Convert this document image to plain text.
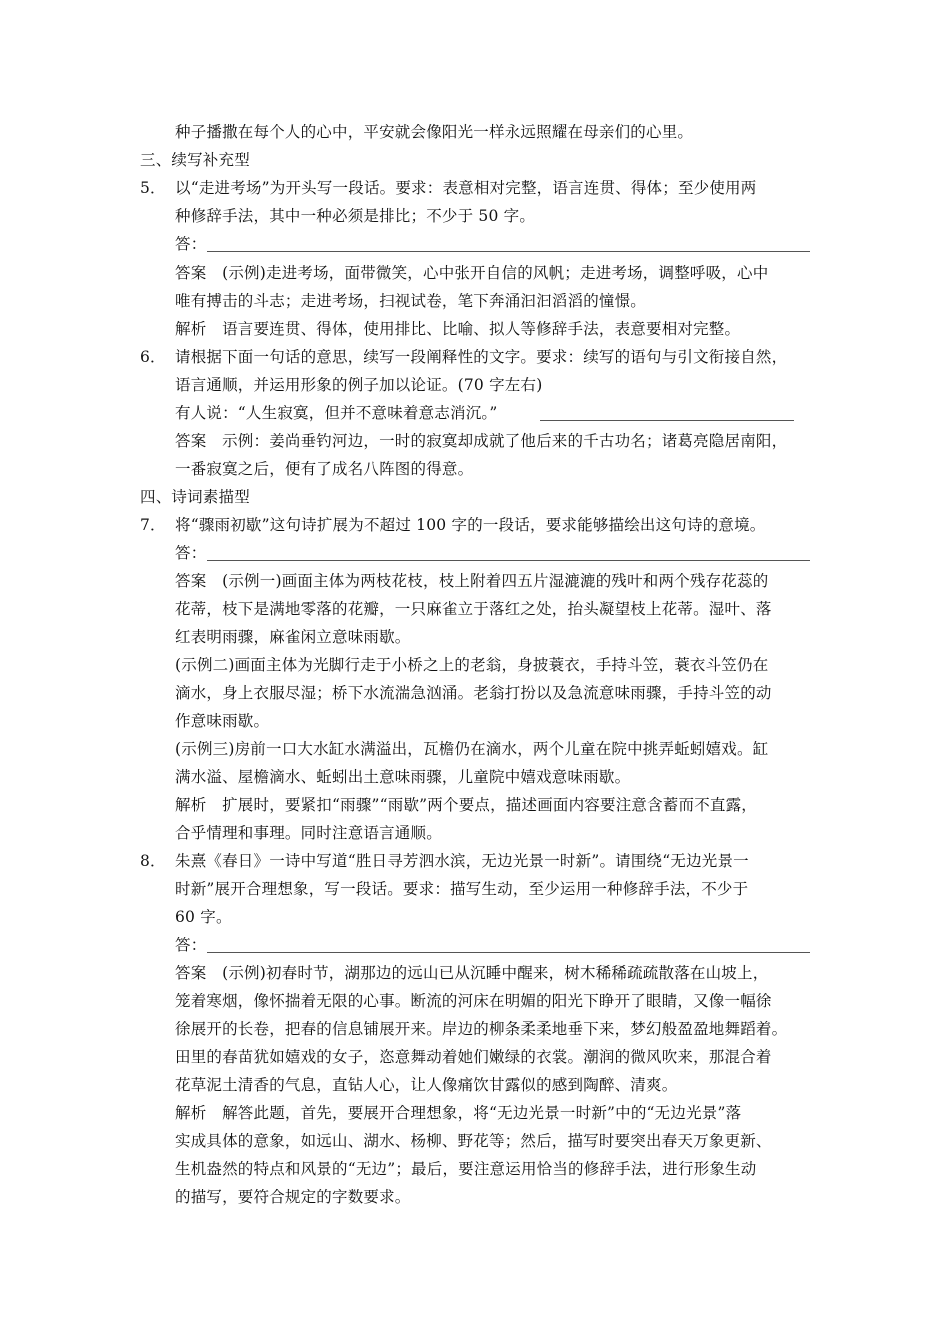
种子播撒在每个人的心中，平安就会像阳光一样永远照耀在母亲们的心里。
三、续写补充型
5． 以“走进考场”为开头写一段话。要求：表意相对完整，语言连贯、得体；至少使用两
种修辞手法，其中一种必须是排比；不少于 50 字。
答：
答案　(示例)走进考场，面带微笑，心中张开自信的风帆；走进考场，调整呼吸，心中
唯有搏击的斗志；走进考场，扫视试卷，笔下奔涌汩汩滔滔的憧憬。
解析　语言要连贯、得体，使用排比、比喻、拟人等修辞手法，表意要相对完整。
6． 请根据下面一句话的意思，续写一段阐释性的文字。要求：续写的语句与引文衔接自然，
语言通顺，并运用形象的例子加以论证。(70 字左右)
有人说：“人生寂寞，但并不意味着意志消沉。”
答案　示例：姜尚垂钓河边，一时的寂寞却成就了他后来的千古功名；诸葛亮隐居南阳，
一番寂寞之后，便有了成名八阵图的得意。
四、诗词素描型
7． 将“骤雨初歇”这句诗扩展为不超过 100 字的一段话，要求能够描绘出这句诗的意境。
答：
答案　(示例一)画面主体为两枝花枝，枝上附着四五片湿漉漉的残叶和两个残存花蕊的
花蒂，枝下是满地零落的花瓣，一只麻雀立于落红之处，抬头凝望枝上花蒂。湿叶、落
红表明雨骤，麻雀闲立意味雨歇。
(示例二)画面主体为光脚行走于小桥之上的老翁，身披蓑衣，手持斗笠，蓑衣斗笠仍在
滴水，身上衣服尽湿；桥下水流湍急汹涌。老翁打扮以及急流意味雨骤，手持斗笠的动
作意味雨歇。
(示例三)房前一口大水缸水满溢出，瓦檐仍在滴水，两个儿童在院中挑弄蚯蚓嬉戏。缸
满水溢、屋檐滴水、蚯蚓出土意味雨骤，儿童院中嬉戏意味雨歇。
解析　扩展时，要紧扣“雨骤”“雨歇”两个要点，描述画面内容要注意含蓄而不直露，
合乎情理和事理。同时注意语言通顺。
8． 朱熹《春日》一诗中写道“胜日寻芳泗水滨，无边光景一时新”。请围绕“无边光景一
时新”展开合理想象，写一段话。要求：描写生动，至少运用一种修辞手法，不少于
60 字。
答：
答案　(示例)初春时节，湖那边的远山已从沉睡中醒来，树木稀稀疏疏散落在山坡上，
笼着寒烟，像怀揣着无限的心事。断流的河床在明媚的阳光下睁开了眼睛，又像一幅徐
徐展开的长卷，把春的信息铺展开来。岸边的柳条柔柔地垂下来，梦幻般盈盈地舞蹈着。
田里的春苗犹如嬉戏的女子，恣意舞动着她们嫩绿的衣裳。潮润的微风吹来，那混合着
花草泥土清香的气息，直钻人心，让人像痛饮甘露似的感到陶醉、清爽。
解析　解答此题，首先，要展开合理想象，将“无边光景一时新”中的“无边光景”落
实成具体的意象，如远山、湖水、杨柳、野花等；然后，描写时要突出春天万象更新、
生机盎然的特点和风景的“无边”；最后，要注意运用恰当的修辞手法，进行形象生动
的描写，要符合规定的字数要求。
